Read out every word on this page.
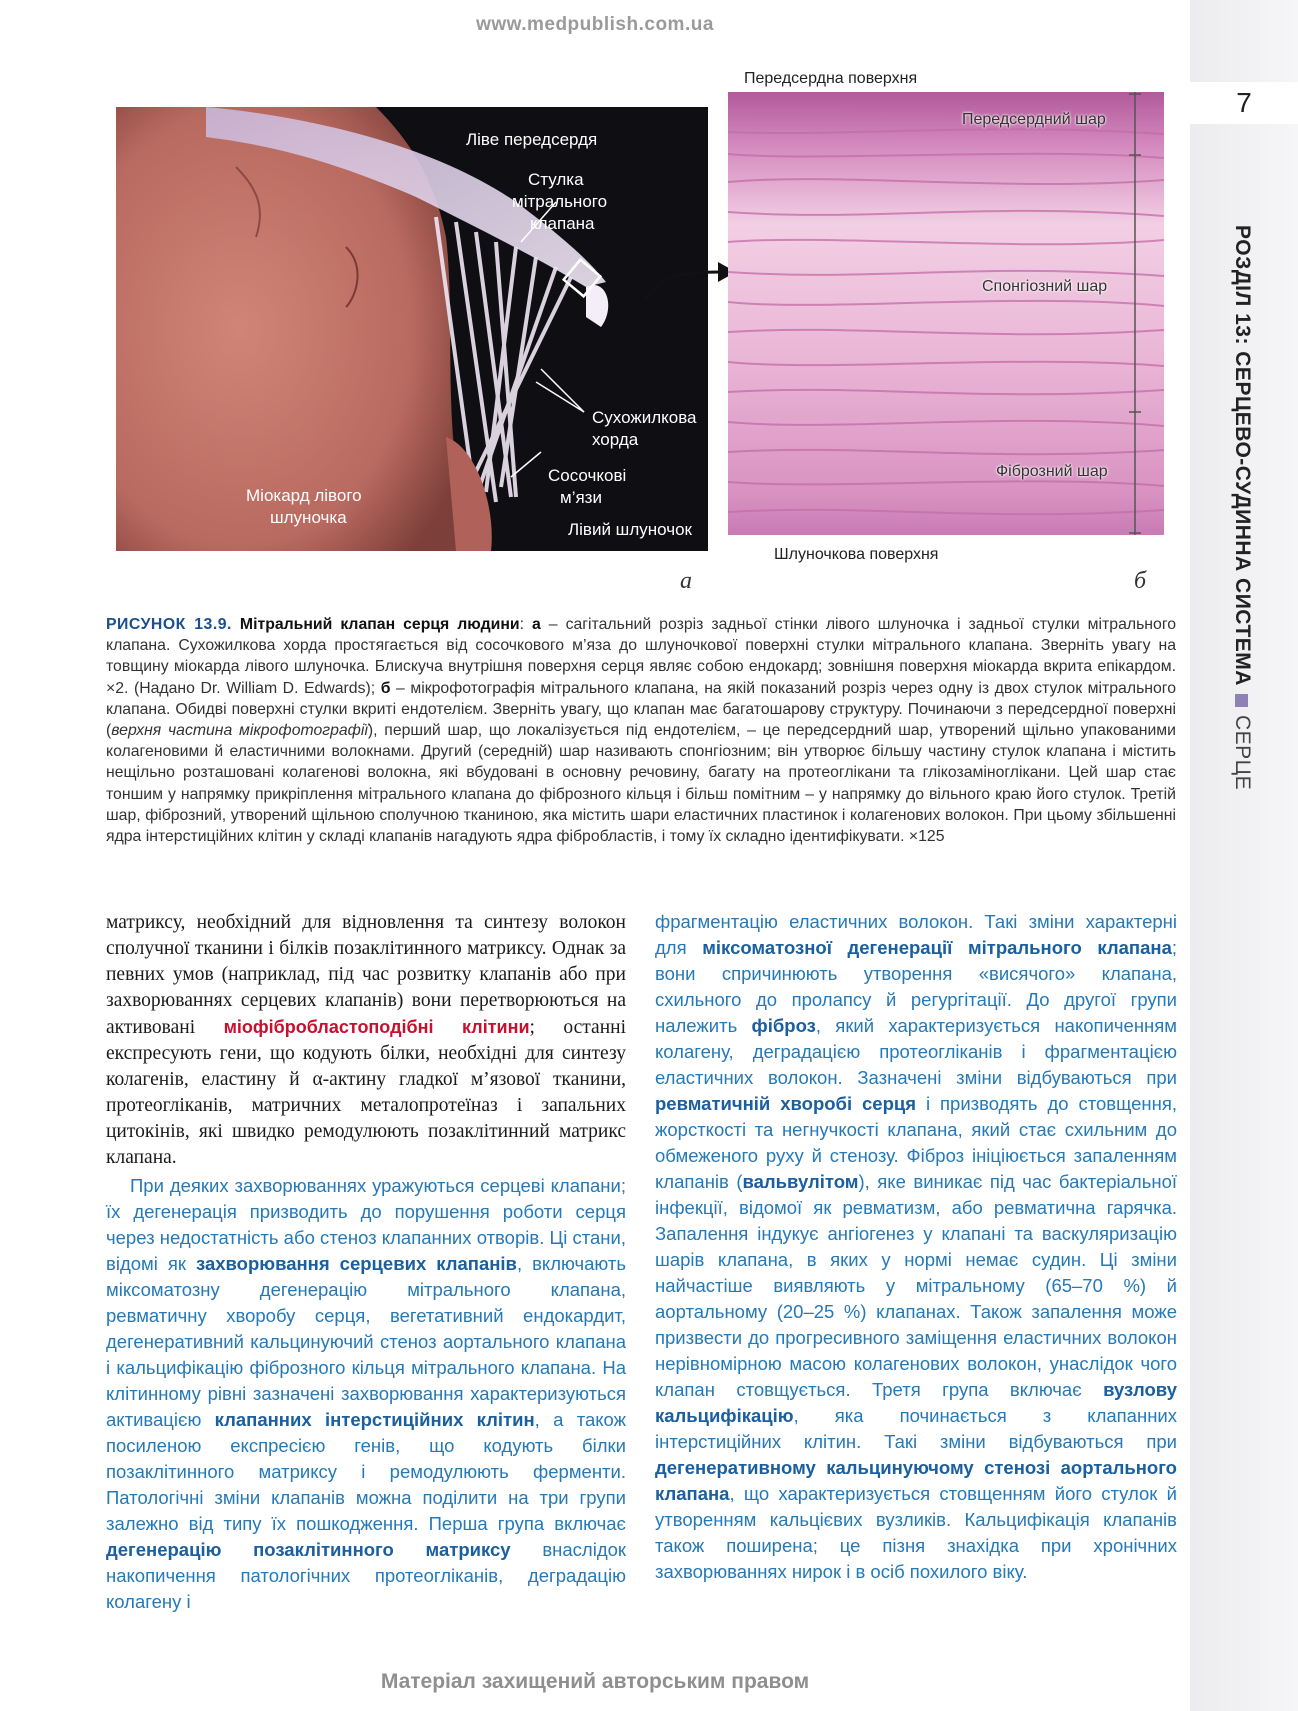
www.medpublish.com.ua
7
РОЗДІЛ 13: СЕРЦЕВО-СУДИННА СИСТЕМАСЕРЦЕ
Ліве передсердя
Стулка
мітрального
клапана
Сухожилкова
хорда
Сосочкові
м’язи
Міокард лівого
шлуночка
Лівий шлуночок
Передсердна поверхня
Передсердний шар
Спонгіозний шар
Фіброзний шар
Шлуночкова поверхня
а	б
РИСУНОК 13.9. Мітральний клапан серця людини: а – сагітальний розріз задньої стінки лівого шлуночка і задньої стулки мітрального клапана. Сухожилкова хорда простягається від сосочкового м’яза до шлуночкової поверхні стулки мітрального клапана. Зверніть увагу на товщину міокарда лівого шлуночка. Блискуча внутрішня поверхня серця являє собою ендокард; зовнішня поверхня міокарда вкрита епікардом. ×2. (Надано Dr. William D. Edwards); б – мікрофотографія мітрального клапана, на якій показаний розріз через одну із двох стулок мітрального клапана. Обидві поверхні стулки вкриті ендотелієм. Зверніть увагу, що клапан має багатошарову структуру. Починаючи з передсердної поверхні (верхня частина мікрофотографії), перший шар, що локалізується під ендотелієм, – це передсердний шар, утворений щільно упакованими колагеновими й еластичними волокнами. Другий (середній) шар називають спонгіозним; він утворює більшу частину стулок клапана і містить нещільно розташовані колагенові волокна, які вбудовані в основну речовину, багату на протеоглікани та глікозаміноглікани. Цей шар стає тоншим у напрямку прикріплення мітрального клапана до фіброзного кільця і більш помітним – у напрямку до вільного краю його стулок. Третій шар, фіброзний, утворений щільною сполучною тканиною, яка містить шари еластичних пластинок і колагенових волокон. При цьому збільшенні ядра інтерстиційних клітин у складі клапанів нагадують ядра фібробластів, і тому їх складно ідентифікувати. ×125

матриксу, необхідний для відновлення та синтезу волокон сполучної тканини і білків позаклітинного матриксу. Однак за певних умов (наприклад, під час розвитку клапанів або при захворюваннях серцевих клапанів) вони перетворюються на активовані міофібробластоподібні клітини; останні експресують гени, що кодують білки, необхідні для синтезу колагенів, еластину й α-актину гладкої м’язової тканини, протеогліканів, матричних металопротеїназ і запальних цитокінів, які швидко ремодулюють позаклітинний матрикс клапана.

При деяких захворюваннях уражуються серцеві клапани; їх дегенерація призводить до порушення роботи серця через недостатність або стеноз клапанних отворів. Ці стани, відомі як захворювання серцевих клапанів, включають міксоматозну дегенерацію мітрального клапана, ревматичну хворобу серця, вегетативний ендокардит, дегенеративний кальцинуючий стеноз аортального клапана і кальцифікацію фіброзного кільця мітрального клапана. На клітинному рівні зазначені захворювання характеризуються активацією клапанних інтерстиційних клітин, а також посиленою експресією генів, що кодують білки позаклітинного матриксу і ремодулюють ферменти. Патологічні зміни клапанів можна поділити на три групи залежно від типу їх пошкодження. Перша група включає дегенерацію позаклітинного матриксу внаслідок накопичення патологічних протеогліканів, деградацію колагену і

фрагментацію еластичних волокон. Такі зміни характерні для міксоматозної дегенерації мітрального клапана; вони спричинюють утворення «висячого» клапана, схильного до пролапсу й регургітації. До другої групи належить фіброз, який характеризується накопиченням колагену, деградацією протеогліканів і фрагментацією еластичних волокон. Зазначені зміни відбуваються при ревматичній хворобі серця і призводять до стовщення, жорсткості та негнучкості клапана, який стає схильним до обмеженого руху й стенозу. Фіброз ініціюється запаленням клапанів (вальвулітом), яке виникає під час бактеріальної інфекції, відомої як ревматизм, або ревматична гарячка. Запалення індукує ангіогенез у клапані та васкуляризацію шарів клапана, в яких у нормі немає судин. Ці зміни найчастіше виявляють у мітральному (65–70 %) й аортальному (20–25 %) клапанах. Також запалення може призвести до прогресивного заміщення еластичних волокон нерівномірною масою колагенових волокон, унаслідок чого клапан стовщується. Третя група включає вузлову кальцифікацію, яка починається з клапанних інтерстиційних клітин. Такі зміни відбуваються при дегенеративному кальцинуючому стенозі аортального клапана, що характеризується стовщенням його стулок й утворенням кальцієвих вузликів. Кальцифікація клапанів також поширена; це пізня знахідка при хронічних захворюваннях нирок і в осіб похилого віку.

Матеріал захищений авторським правом
